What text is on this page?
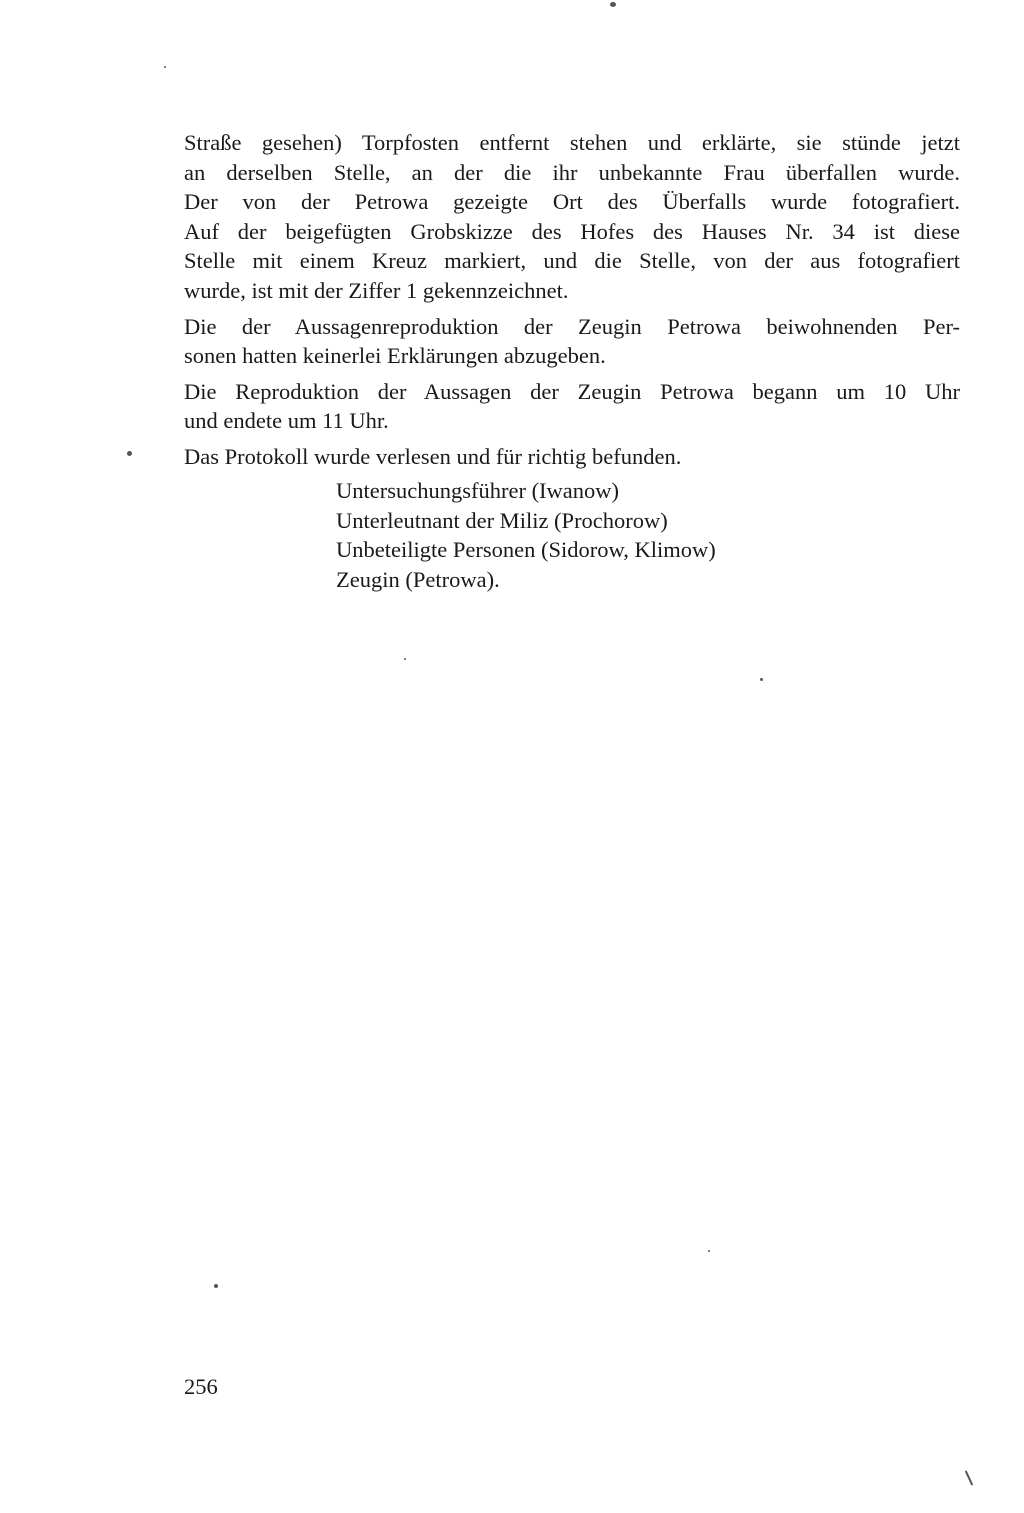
Straße gesehen) Torpfosten entfernt stehen und erklärte, sie stünde jetzt
an derselben Stelle, an der die ihr unbekannte Frau überfallen wurde.
Der von der Petrowa gezeigte Ort des Überfalls wurde fotografiert.
Auf der beigefügten Grobskizze des Hofes des Hauses Nr. 34 ist diese
Stelle mit einem Kreuz markiert, und die Stelle, von der aus fotografiert
wurde, ist mit der Ziffer 1 gekennzeichnet.

Die der Aussagenreproduktion der Zeugin Petrowa beiwohnenden Per-
sonen hatten keinerlei Erklärungen abzugeben.

Die Reproduktion der Aussagen der Zeugin Petrowa begann um 10 Uhr
und endete um 11 Uhr.

Das Protokoll wurde verlesen und für richtig befunden.

Untersuchungsführer (Iwanow)
Unterleutnant der Miliz (Prochorow)
Unbeteiligte Personen (Sidorow, Klimow)
Zeugin (Petrowa).
256
